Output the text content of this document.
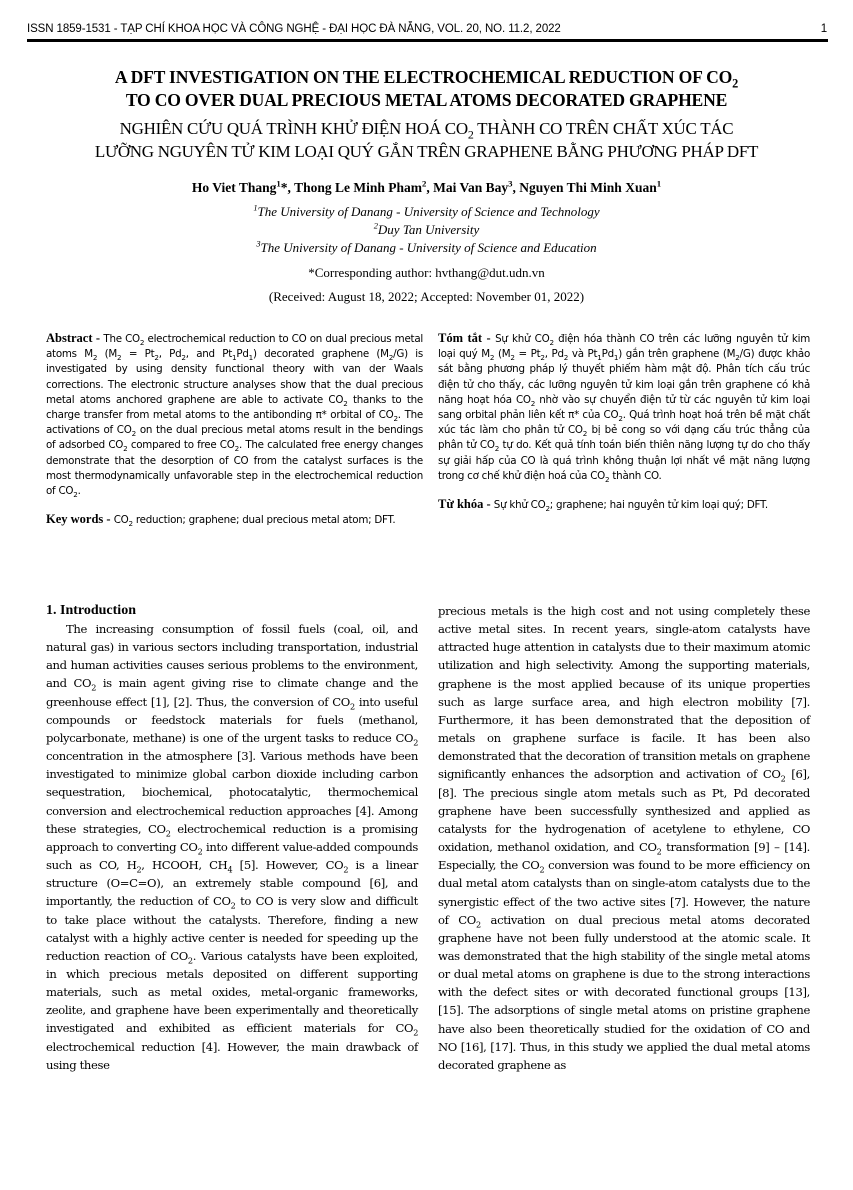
ISSN 1859-1531 - TẠP CHÍ KHOA HỌC VÀ CÔNG NGHỆ - ĐẠI HỌC ĐÀ NẴNG, VOL. 20, NO. 11.2, 2022	1
A DFT INVESTIGATION ON THE ELECTROCHEMICAL REDUCTION OF $CO_2$
TO CO OVER DUAL PRECIOUS METAL ATOMS DECORATED GRAPHENE
NGHIÊN CỨU QUÁ TRÌNH KHỬ ĐIỆN HOÁ $CO_2$ THÀNH CO TRÊN CHẤT XÚC TÁC
LƯỠNG NGUYÊN TỬ KIM LOẠI QUÝ GẮN TRÊN GRAPHENE BẰNG PHƯƠNG PHÁP DFT
Ho Viet Thang$^1$*, Thong Le Minh Pham$^2$, Mai Van Bay$^3$, Nguyen Thi Minh Xuan$^1$
$^1$The University of Danang - University of Science and Technology
$^2$Duy Tan University
$^3$The University of Danang - University of Science and Education
*Corresponding author: hvthang@dut.udn.vn
(Received: August 18, 2022; Accepted: November 01, 2022)

Abstract - The $CO_2$ electrochemical reduction to CO on dual precious metal atoms $M_2$ ($M_2 = Pt_2$, $Pd_2$, and $Pt_1Pd_1$) decorated graphene $(M_2/G)$ is investigated by using density functional theory with van der Waals corrections. The electronic structure analyses show that the dual precious metal atoms anchored graphene are able to activate $CO_2$ thanks to the charge transfer from metal atoms to the antibonding π* orbital of $CO_2$. The activations of $CO_2$ on the dual precious metal atoms result in the bendings of adsorbed $CO_2$ compared to free $CO_2$. The calculated free energy changes demonstrate that the desorption of CO from the catalyst surfaces is the most thermodynamically unfavorable step in the electrochemical reduction of $CO_2$.

Key words - $CO_2$ reduction; graphene; dual precious metal atom; DFT.

Tóm tắt - Sự khử $CO_2$ điện hóa thành CO trên các lưỡng nguyên tử kim loại quý $M_2$ ($M_2 = Pt_2$, $Pd_2$ và $Pt_1Pd_1$) gắn trên graphene $(M_2/G)$ được khảo sát bằng phương pháp lý thuyết phiếm hàm mật độ. Phân tích cấu trúc điện tử cho thấy, các lưỡng nguyên tử kim loại gắn trên graphene có khả năng hoạt hóa $CO_2$ nhờ vào sự chuyển điện tử từ các nguyên tử kim loại sang orbital phản liên kết π* của $CO_2$. Quá trình hoạt hoá trên bề mặt chất xúc tác làm cho phân tử $CO_2$ bị bẻ cong so với dạng cấu trúc thẳng của phân tử $CO_2$ tự do. Kết quả tính toán biến thiên năng lượng tự do cho thấy sự giải hấp của CO là quá trình không thuận lợi nhất về mặt năng lượng trong cơ chế khử điện hoá của $CO_2$ thành CO.

Từ khóa - Sự khử $CO_2$; graphene; hai nguyên tử kim loại quý; DFT.

1. Introduction

The increasing consumption of fossil fuels (coal, oil, and natural gas) in various sectors including transportation, industrial and human activities causes serious problems to the environment, and $CO_2$ is main agent giving rise to climate change and the greenhouse effect [1], [2]. Thus, the conversion of $CO_2$ into useful compounds or feedstock materials for fuels (methanol, polycarbonate, methane) is one of the urgent tasks to reduce $CO_2$ concentration in the atmosphere [3]. Various methods have been investigated to minimize global carbon dioxide including carbon sequestration, biochemical, photocatalytic, thermochemical conversion and electrochemical reduction approaches [4]. Among these strategies, $CO_2$ electrochemical reduction is a promising approach to converting $CO_2$ into different value-added compounds such as CO, $H_2$, HCOOH, $CH_4$ [5]. However, $CO_2$ is a linear structure (O=C=O), an extremely stable compound [6], and importantly, the reduction of $CO_2$ to CO is very slow and difficult to take place without the catalysts. Therefore, finding a new catalyst with a highly active center is needed for speeding up the reduction reaction of $CO_2$. Various catalysts have been exploited, in which precious metals deposited on different supporting materials, such as metal oxides, metal-organic frameworks, zeolite, and graphene have been experimentally and theoretically investigated and exhibited as efficient materials for $CO_2$ electrochemical reduction [4]. However, the main drawback of using these

precious metals is the high cost and not using completely these active metal sites. In recent years, single-atom catalysts have attracted huge attention in catalysts due to their maximum atomic utilization and high selectivity. Among the supporting materials, graphene is the most applied because of its unique properties such as large surface area, and high electron mobility [7]. Furthermore, it has been demonstrated that the deposition of metals on graphene surface is facile. It has been also demonstrated that the decoration of transition metals on graphene significantly enhances the adsorption and activation of $CO_2$ [6], [8]. The precious single atom metals such as Pt, Pd decorated graphene have been successfully synthesized and applied as catalysts for the hydrogenation of acetylene to ethylene, CO oxidation, methanol oxidation, and $CO_2$ transformation [9] – [14]. Especially, the $CO_2$ conversion was found to be more efficiency on dual metal atom catalysts than on single-atom catalysts due to the synergistic effect of the two active sites [7]. However, the nature of $CO_2$ activation on dual precious metal atoms decorated graphene have not been fully understood at the atomic scale. It was demonstrated that the high stability of the single metal atoms or dual metal atoms on graphene is due to the strong interactions with the defect sites or with decorated functional groups [13], [15]. The adsorptions of single metal atoms on pristine graphene have also been theoretically studied for the oxidation of CO and NO [16], [17]. Thus, in this study we applied the dual metal atoms decorated graphene as
